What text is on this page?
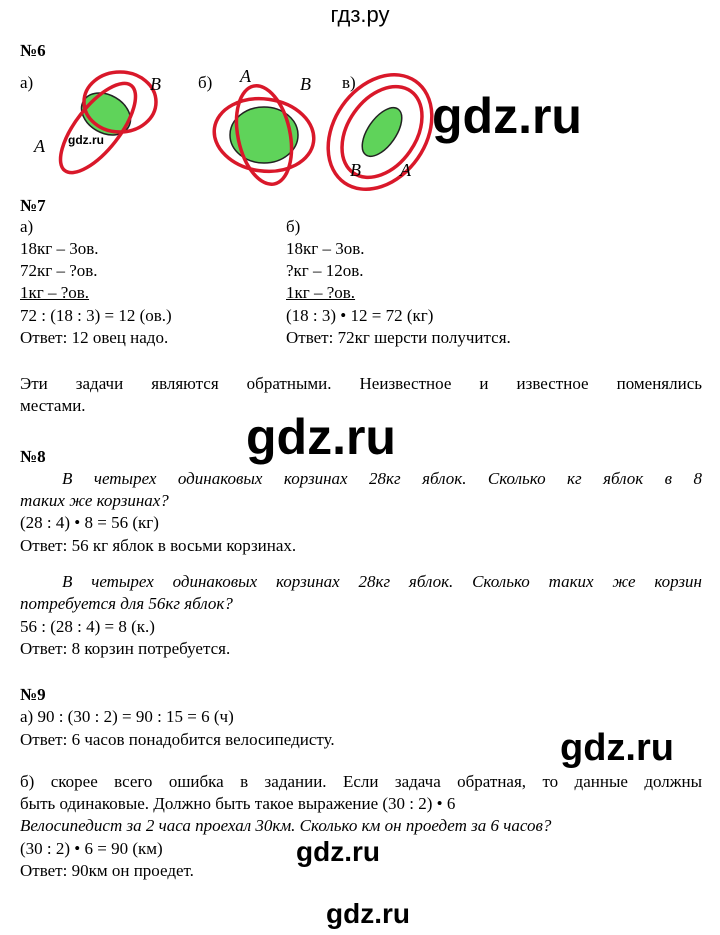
гдз.ру
№6
а)
A
B б) A	B в)
B A
gdz.ru	gdz.ru
№7
а)
18кг – 3ов.
72кг – ?ов.
1кг – ?ов.
72 : (18 : 3) = 12 (ов.)
Ответ: 12 овец надо.
б)
18кг – 3ов.
?кг – 12ов.
1кг – ?ов.
(18 : 3) • 12 = 72 (кг)
Ответ: 72кг шерсти получится.
Эти задачи являются обратными. Неизвестное и известное поменялись
местами.
gdz.ru
№8
В четырех одинаковых корзинах 28кг яблок. Сколько кг яблок в 8
таких же корзинах?
(28 : 4) • 8 = 56 (кг)
Ответ: 56 кг яблок в восьми корзинах.
В четырех одинаковых корзинах 28кг яблок. Сколько таких же корзин
потребуется для 56кг яблок?
56 : (28 : 4) = 8 (к.)
Ответ: 8 корзин потребуется.
№9
а) 90 : (30 : 2) = 90 : 15 = 6 (ч)
Ответ: 6 часов понадобится велосипедисту.	gdz.ru
б) скорее всего ошибка в задании. Если задача обратная, то данные должны
быть одинаковые. Должно быть такое выражение (30 : 2) • 6
Велосипедист за 2 часа проехал 30км. Сколько км он проедет за 6 часов?
(30 : 2) • 6 = 90 (км)
Ответ: 90км он проедет.
gdz.ru
gdz.ru
